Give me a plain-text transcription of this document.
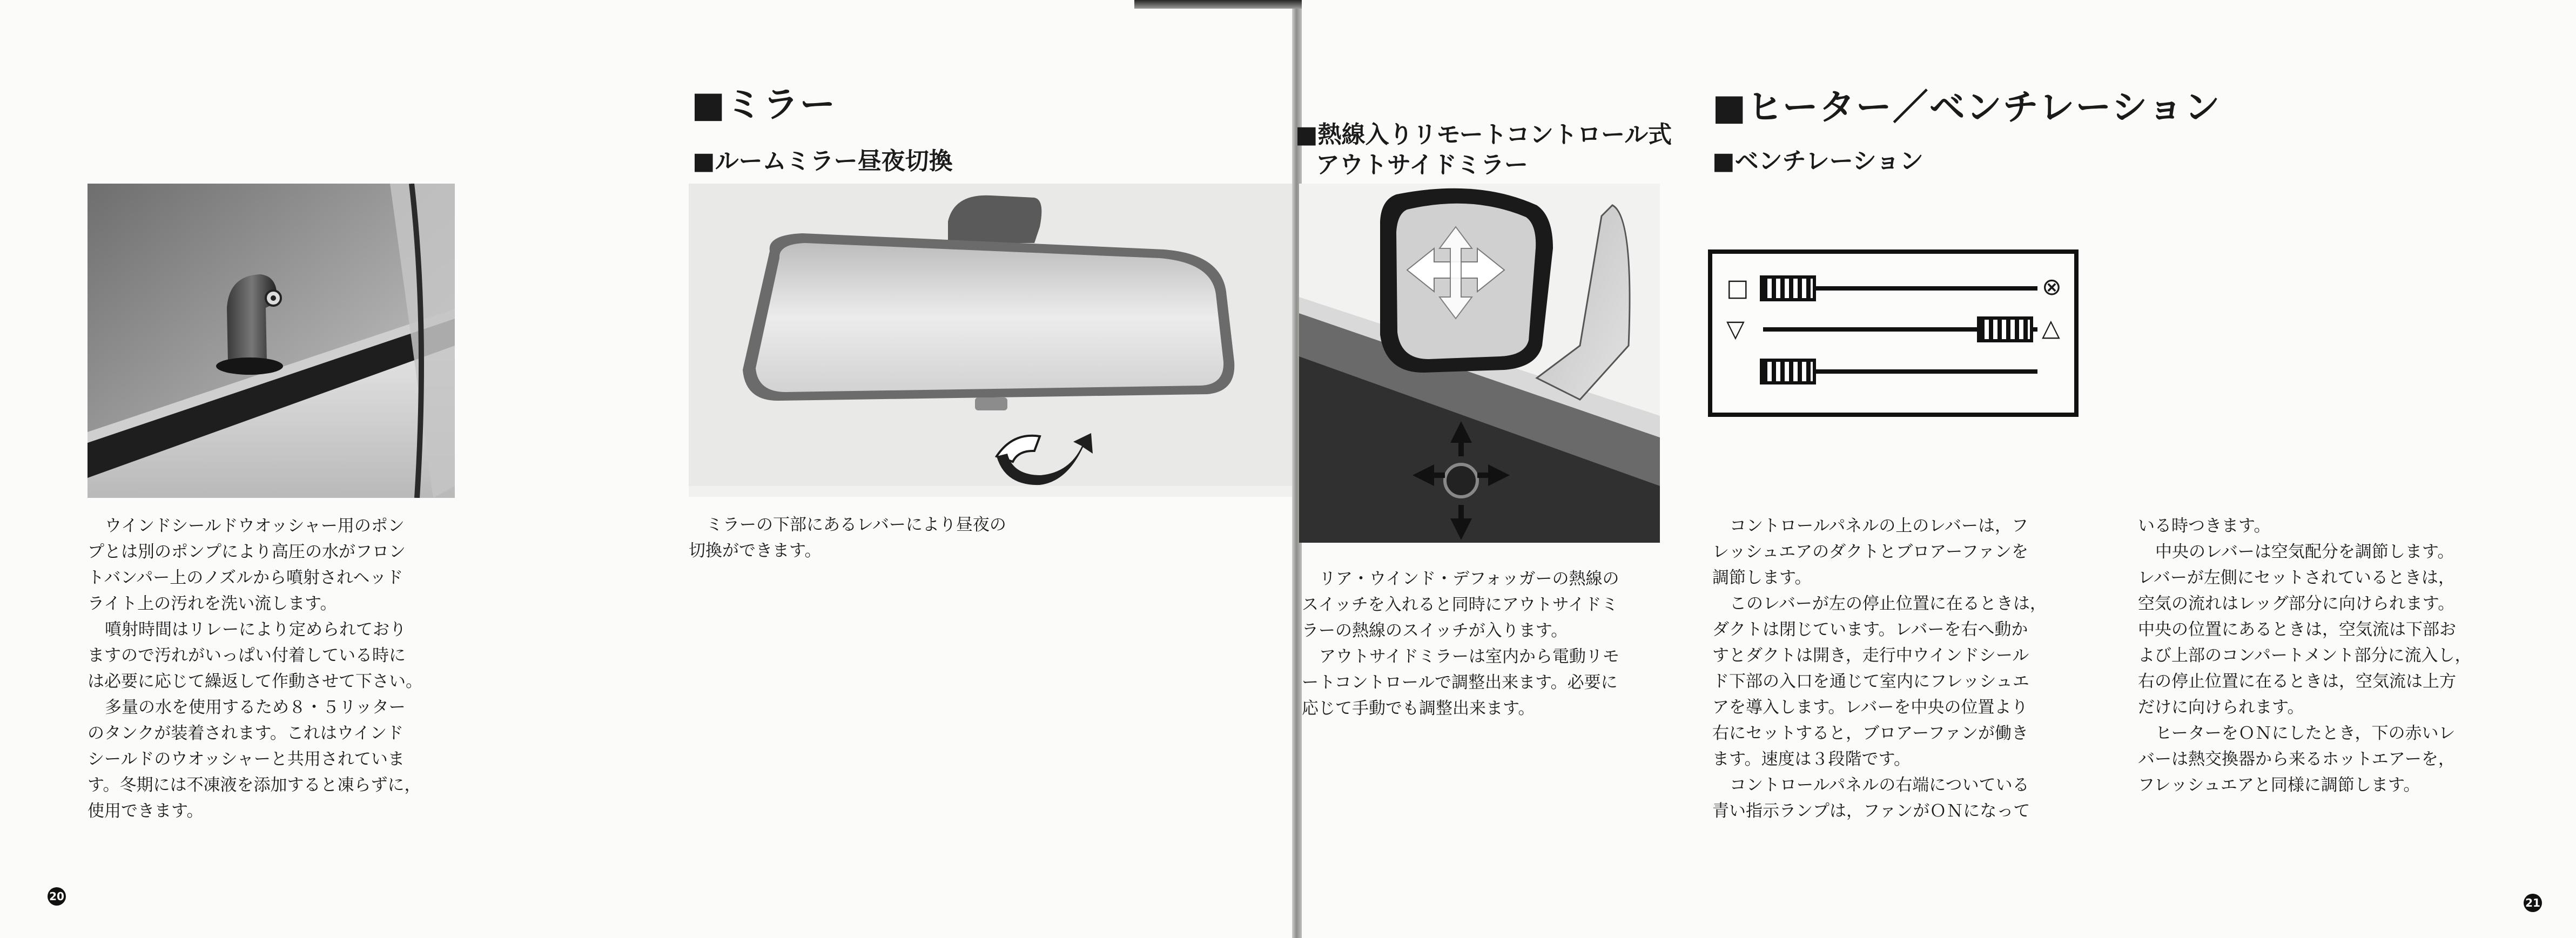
ウインドシールドウオッシャー用のポン

プとは別のポンプにより高圧の水がフロン

トバンパー上のノズルから噴射されヘッド

ライト上の汚れを洗い流します。

噴射時間はリレーにより定められており

ますので汚れがいっぱい付着している時に

は必要に応じて繰返して作動させて下さい。

多量の水を使用するため８・５リッター

のタンクが装着されます。これはウインド

シールドのウオッシャーと共用されていま

す。冬期には不凍液を添加すると凍らずに，

使用できます。

20
■ミラー
■ルームミラー昼夜切換

ミラーの下部にあるレバーにより昼夜の

切換ができます。

■熱線入りリモートコントロール式
アウトサイドミラー

リア・ウインド・デフォッガーの熱線の

スイッチを入れると同時にアウトサイドミ

ラーの熱線のスイッチが入ります。

アウトサイドミラーは室内から電動リモ

ートコントロールで調整出来ます。必要に

応じて手動でも調整出来ます。

■ヒーター／ベンチレーション
■ベンチレーション
□	⊗
▽	△

コントロールパネルの上のレバーは，フ

レッシュエアのダクトとブロアーファンを

調節します。

このレバーが左の停止位置に在るときは，

ダクトは閉じています。レバーを右へ動か

すとダクトは開き，走行中ウインドシール

ド下部の入口を通じて室内にフレッシュエ

アを導入します。レバーを中央の位置より

右にセットすると，ブロアーファンが働き

ます。速度は３段階です。

コントロールパネルの右端についている

青い指示ランプは，ファンがＯＮになって

いる時つきます。

中央のレバーは空気配分を調節します。

レバーが左側にセットされているときは，

空気の流れはレッグ部分に向けられます。

中央の位置にあるときは，空気流は下部お

よび上部のコンパートメント部分に流入し，

右の停止位置に在るときは，空気流は上方

だけに向けられます。

ヒーターをＯＮにしたとき，下の赤いレ

バーは熱交換器から来るホットエアーを，

フレッシュエアと同様に調節します。

21
